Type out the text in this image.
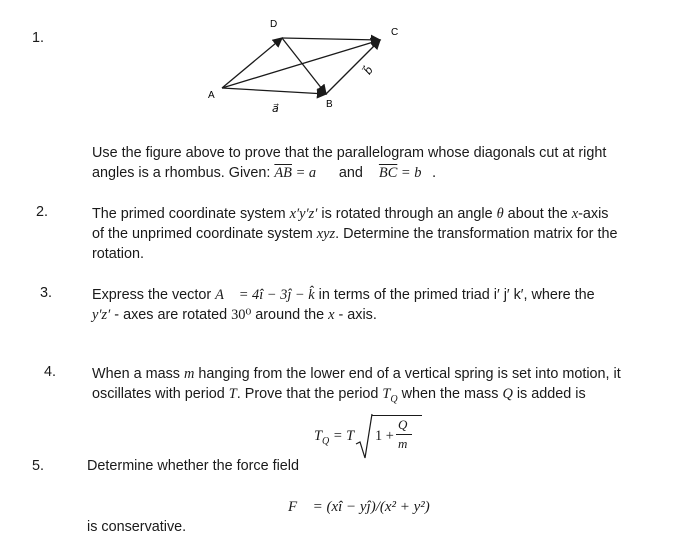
1.
A
B
C
D
a⃗
b⃗
Use the figure above to prove that the parallelogram whose diagonals cut at right
angles is a rhombus. Given: $\overline{AB}$ = a⃗ and $\overline{BC}$ = b⃗.
2.	The primed coordinate system x′y′z′ is rotated through an angle θ about the x-axis
of the unprimed coordinate system xyz. Determine the transformation matrix for the
rotation.
3.	Express the vector A⃗ = 4î − 3ĵ − k̂ in terms of the primed triad i′ j′ k′, where the
y′z′ - axes are rotated 30⁰ around the x - axis.
4. When a mass m hanging from the lower end of a vertical spring is set into motion, it
oscillates with period T. Prove that the period $T_Q$ when the mass Q is added is
$T_Q = T$ 1 +
Q
m
5.	Determine whether the force field
F⃗ = (xî − yĵ)/(x² + y²)
is conservative.
